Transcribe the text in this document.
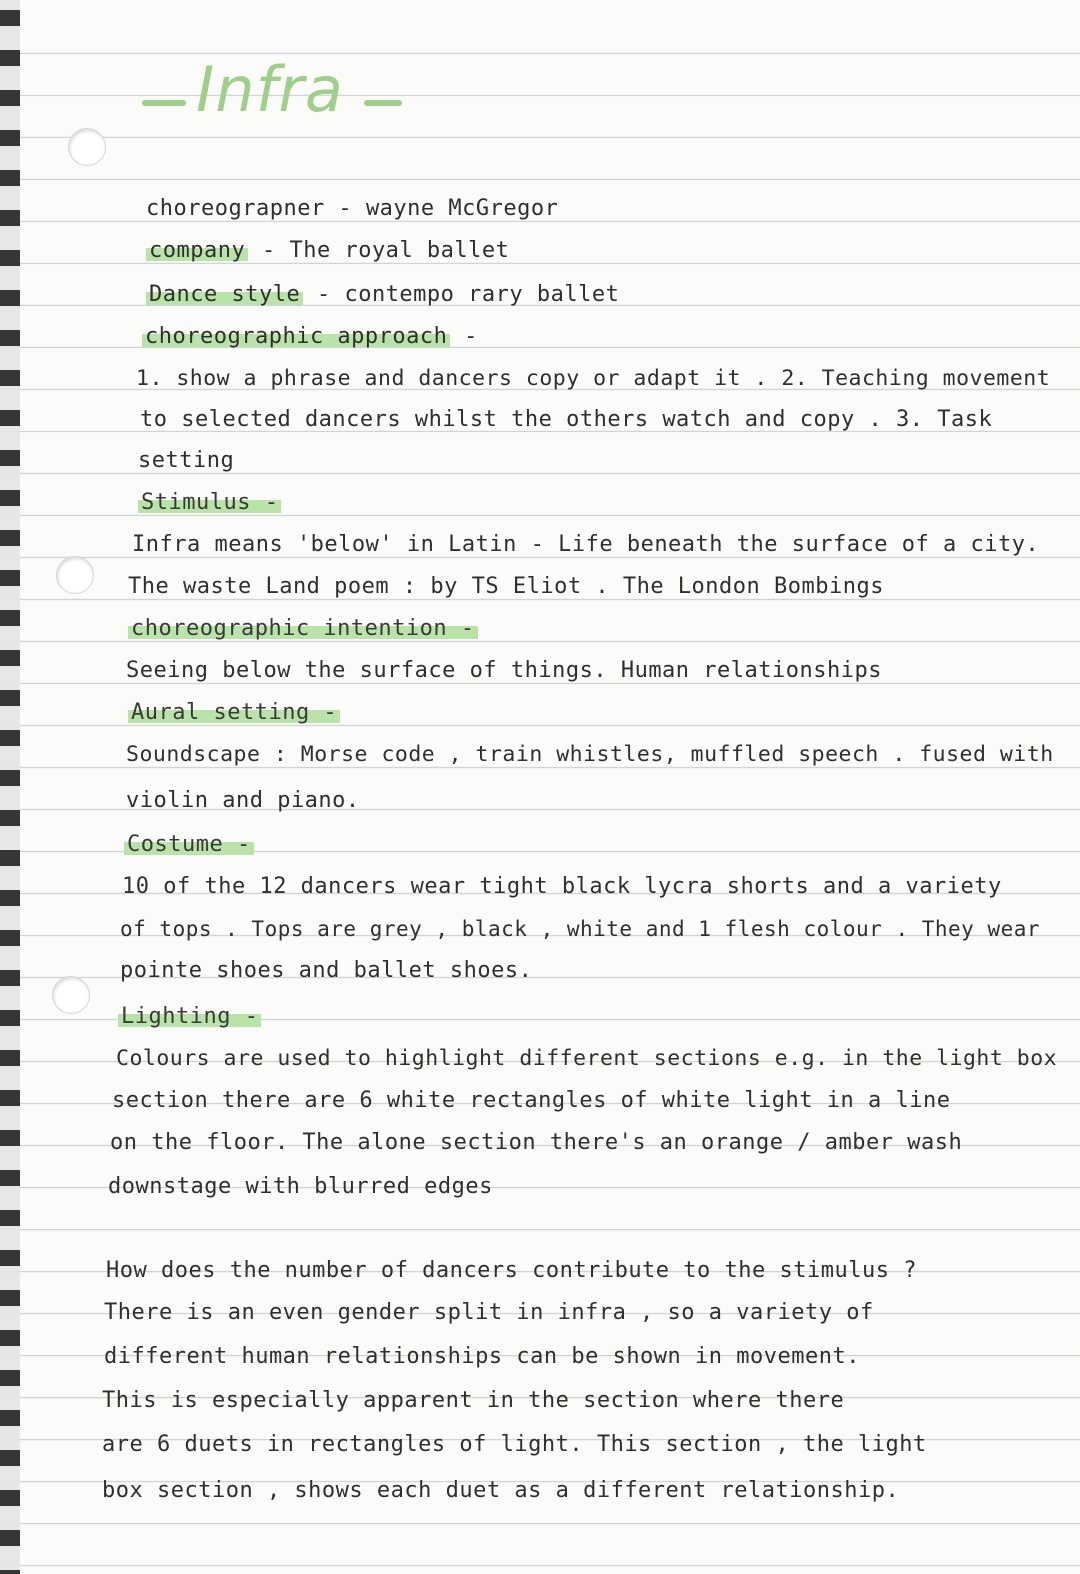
Infra
choreograpner - wayne McGregor
company - The royal ballet
Dance style - contempo rary ballet
choreographic approach -
1. show a phrase and dancers copy or adapt it . 2. Teaching movement
to selected dancers whilst the others watch and copy . 3. Task
setting
Stimulus -
Infra means 'below' in Latin - Life beneath the surface of a city.
The waste Land poem : by TS Eliot . The London Bombings
choreographic intention -
Seeing below the surface of things. Human relationships
Aural setting -
Soundscape : Morse code , train whistles, muffled speech . fused with
violin and piano.
Costume -
10 of the 12 dancers wear tight black lycra shorts and a variety
of tops . Tops are grey , black , white and 1 flesh colour . They wear
pointe shoes and ballet shoes.
Lighting -
Colours are used to highlight different sections e.g. in the light box
section there are 6 white rectangles of white light in a line
on the floor. The alone section there's an orange / amber wash
downstage with blurred edges
How does the number of dancers contribute to the stimulus ?
There is an even gender split in infra , so a variety of
different human relationships can be shown in movement.
This is especially apparent in the section where there
are 6 duets in rectangles of light. This section , the light
box section , shows each duet as a different relationship.
